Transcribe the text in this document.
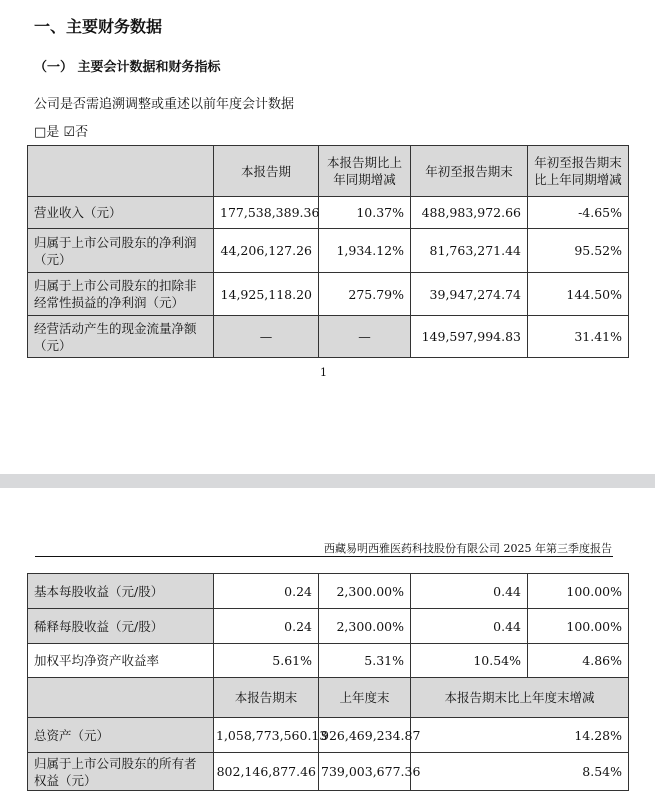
一、主要财务数据
（一） 主要会计数据和财务指标
公司是否需追溯调整或重述以前年度会计数据
□是 ☑否
	本报告期	本报告期比上年同期增减	年初至报告期末	年初至报告期末比上年同期增减
营业收入（元）	177,538,389.36	10.37%	488,983,972.66	-4.65%
归属于上市公司股东的净利润（元）	44,206,127.26	1,934.12%	81,763,271.44	95.52%
归属于上市公司股东的扣除非经常性损益的净利润（元）	14,925,118.20	275.79%	39,947,274.74	144.50%
经营活动产生的现金流量净额（元）	—	—	149,597,994.83	31.41%
1
西藏易明西雅医药科技股份有限公司 2025 年第三季度报告
基本每股收益（元/股）	0.24	2,300.00%	0.44	100.00%
稀释每股收益（元/股）	0.24	2,300.00%	0.44	100.00%
加权平均净资产收益率	5.61%	5.31%	10.54%	4.86%
	本报告期末	上年度末	本报告期末比上年度末增减	
总资产（元）	1,058,773,560.13	926,469,234.87	14.28%	
归属于上市公司股东的所有者权益（元）	802,146,877.46	739,003,677.36	8.54%	
